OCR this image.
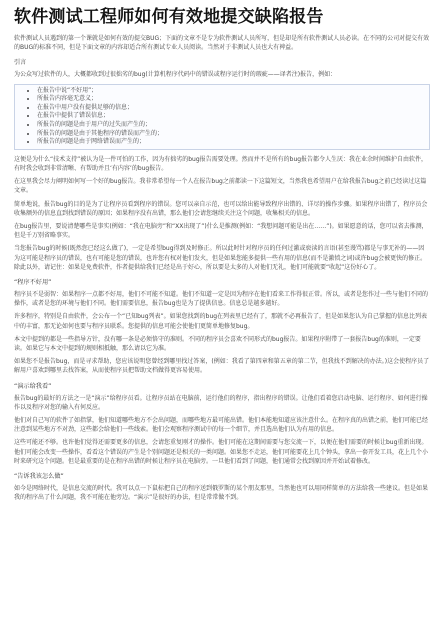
软件测试工程师如何有效地提交缺陷报告

软件测试人员遇到的第一个课就是如何有效的提交BUG；下面的文章不是专为软件测试人员所写，但是却是所有软件测试人员必读。在不同的公司对提交有效的BUG的标准不同，但是下面文章的内容却适合所有测试专业人员阅读。当然对于非测试人员也大有裨益。

引言

为公众写过软件的人，大概都收到过很拙劣的bug(计算机程序代码中的错误或程序运行时的瑕疵——译者注)报告，例如：

• 在报告中说“不好用”；
• 所报告内容毫无意义；
• 在报告中用户没有提供足够的信息；
• 在报告中提供了错误信息；
• 所报告的问题是由于用户的过失而产生的；
• 所报告的问题是由于其他程序的错误而产生的；
• 所报告的问题是由于网络错误而产生的；

这便是为什么“技术支持”被认为是一件可怕的工作，因为有拙劣的bug报告需要处理。然而并不是所有的bug报告都令人生厌：我在业余时间维护自由软件，有时我会收到非常清晰、有帮助并且‘有内容’的bug报告。

在这里我会尽力阐明如何写一个好的bug报告。我非常希望每一个人在报告bug之前都读一下这篇短文，当然我也希望用户在给我报告bug之前已经读过这篇文章。

简单地说，报告bug的目的是为了让程序员看到程序的错误。您可以亲自示范，也可以给出能导致程序出错的、详尽的操作步骤。如果程序出错了，程序员会收集额外的信息直到找到错误的原因；如果程序没有出错，那么他们会请您继续关注这个问题，收集相关的信息。

在bug报告里，要说清楚哪些是事实(例如：“我在电脑旁”和“XX出现了”)什么是推测(例如：“我想问题可能是出在……”)。如果愿意的话，您可以省去推测，但是千万别省略事实。

当您报告bug的时候(既然您已经这么做了)，一定是希望bug得到及时修正。所以此时针对程序员的任何过激或亵渎的言语(甚至谩骂)都是与事无补的——因为这可能是程序员的错误，也有可能是您的错误，也许您有权对他们发火，但是如果您能多提供一些有用的信息(而不是激愤之词)或许bug会被更快的修正。除此以外，请记住：如果是免费软件，作者提供给我们已经是出于好心，所以要是太多的人对他们无礼，他们可能就要“收起”这份好心了。

“程序不好用”

程序员不是弱智：如果程序一点都不好用，他们不可能不知道。他们不知道一定是因为程序在他们看来工作得很正常。所以，或者是您作过一些与他们不同的操作，或者是您的环境与他们不同。他们需要信息，报告bug也是为了提供信息。信息总是越多越好。

许多程序，特别是自由软件，会公布一个“已知bug列表”。如果您找到的bug在列表里已经有了，那就不必再报告了，但是如果您认为自己掌握的信息比列表中的丰富，那无论如何也要与程序员联系。您提供的信息可能会使他们更简单地修复bug。

本文中提到的都是一些指导方针，没有哪一条是必须恪守的准则。不同的程序员会喜欢不同形式的bug报告。如果程序附带了一套报告bug的准则，一定要读。如果它与本文中提到的规则相抵触，那么请以它为准。

如果您不是报告bug，而是寻求帮助，您应该说明您曾经到哪里找过答案，(例如：我看了第四章和第五章的第二节，但我找不到解决的办法。)这会使程序员了解用户喜欢到哪里去找答案，从而使程序员把帮助文档做得更容易使用。

“演示给我看”

报告bug的最好的方法之一是“演示”给程序员看。让程序员站在电脑前，运行他们的程序，指出程序的错误。让他们看着您启动电脑、运行程序、如何进行操作以及程序对您的输入有何反应。

他们对自己写的软件了如指掌，他们知道哪些地方不会出问题，而哪些地方最可能出错。他们本能地知道应该注意什么。在程序真的出错之前，他们可能已经注意到某些地方不对劲，这些都会给他们一些线索。他们会观察程序测试中的每一个细节，并且选出他们认为有用的信息。

这些可能还不够。也许他们觉得还需要更多的信息，会请您重复刚才的操作。他们可能在这期间需要与您交流一下，以便在他们需要的时候让bug重新出现。他们可能会改变一些操作，看看这个错误的产生是个别问题还是相关的一类问题。如果您不走运，他们可能要花上几个钟头，拿出一套开发工具，花上几个小时来研究这个问题。但是最重要的是在程序出错的时候让程序员在电脑旁。一旦他们看到了问题，他们通常会找到原因并开始试着修改。

“告诉我该怎么做”

如今是网络时代，是信息交流的时代。我可以点一下鼠标把自己的程序送到俄罗斯的某个朋友那里，当然他也可以用同样简单的方法给我一些建议。但是如果我的程序出了什么问题，我不可能在他旁边。“演示”是很好的办法，但是常常做不到。
